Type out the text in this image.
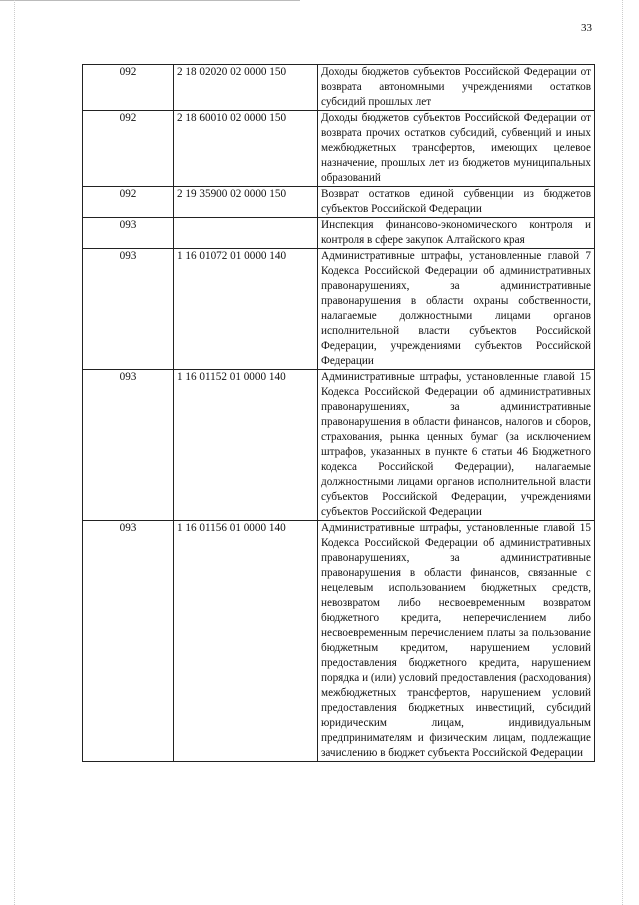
33
092	2 18 02020 02 0000 150	Доходы бюджетов субъектов Российской Федерации от возврата автономными учреждениями остатков субсидий прошлых лет
092	2 18 60010 02 0000 150	Доходы бюджетов субъектов Российской Федерации от возврата прочих остатков субсидий, субвенций и иных межбюджетных трансфертов, имеющих целевое назначение, прошлых лет из бюджетов муниципальных образований
092	2 19 35900 02 0000 150	Возврат остатков единой субвенции из бюджетов субъектов Российской Федерации
093		Инспекция финансово-экономического контроля и контроля в сфере закупок Алтайского края
093	1 16 01072 01 0000 140	Административные штрафы, установленные главой 7 Кодекса Российской Федерации об административных правонарушениях, за административные правонарушения в области охраны собственности, налагаемые должностными лицами органов исполнительной власти субъектов Российской Федерации, учреждениями субъектов Российской Федерации
093	1 16 01152 01 0000 140	Административные штрафы, установленные главой 15 Кодекса Российской Федерации об административных правонарушениях, за административные правонарушения в области финансов, налогов и сборов, страхования, рынка ценных бумаг (за исключением штрафов, указанных в пункте 6 статьи 46 Бюджетного кодекса Российской Федерации), налагаемые должностными лицами органов исполнительной власти субъектов Российской Федерации, учреждениями субъектов Российской Федерации
093	1 16 01156 01 0000 140	Административные штрафы, установленные главой 15 Кодекса Российской Федерации об административных правонарушениях, за административные правонарушения в области финансов, связанные с нецелевым использованием бюджетных средств, невозвратом либо несвоевременным возвратом бюджетного кредита, неперечислением либо несвоевременным перечислением платы за пользование бюджетным кредитом, нарушением условий предоставления бюджетного кредита, нарушением порядка и (или) условий предоставления (расходования) межбюджетных трансфертов, нарушением условий предоставления бюджетных инвестиций, субсидий юридическим лицам, индивидуальным предпринимателям и физическим лицам, подлежащие зачислению в бюджет субъекта Российской Федерации
